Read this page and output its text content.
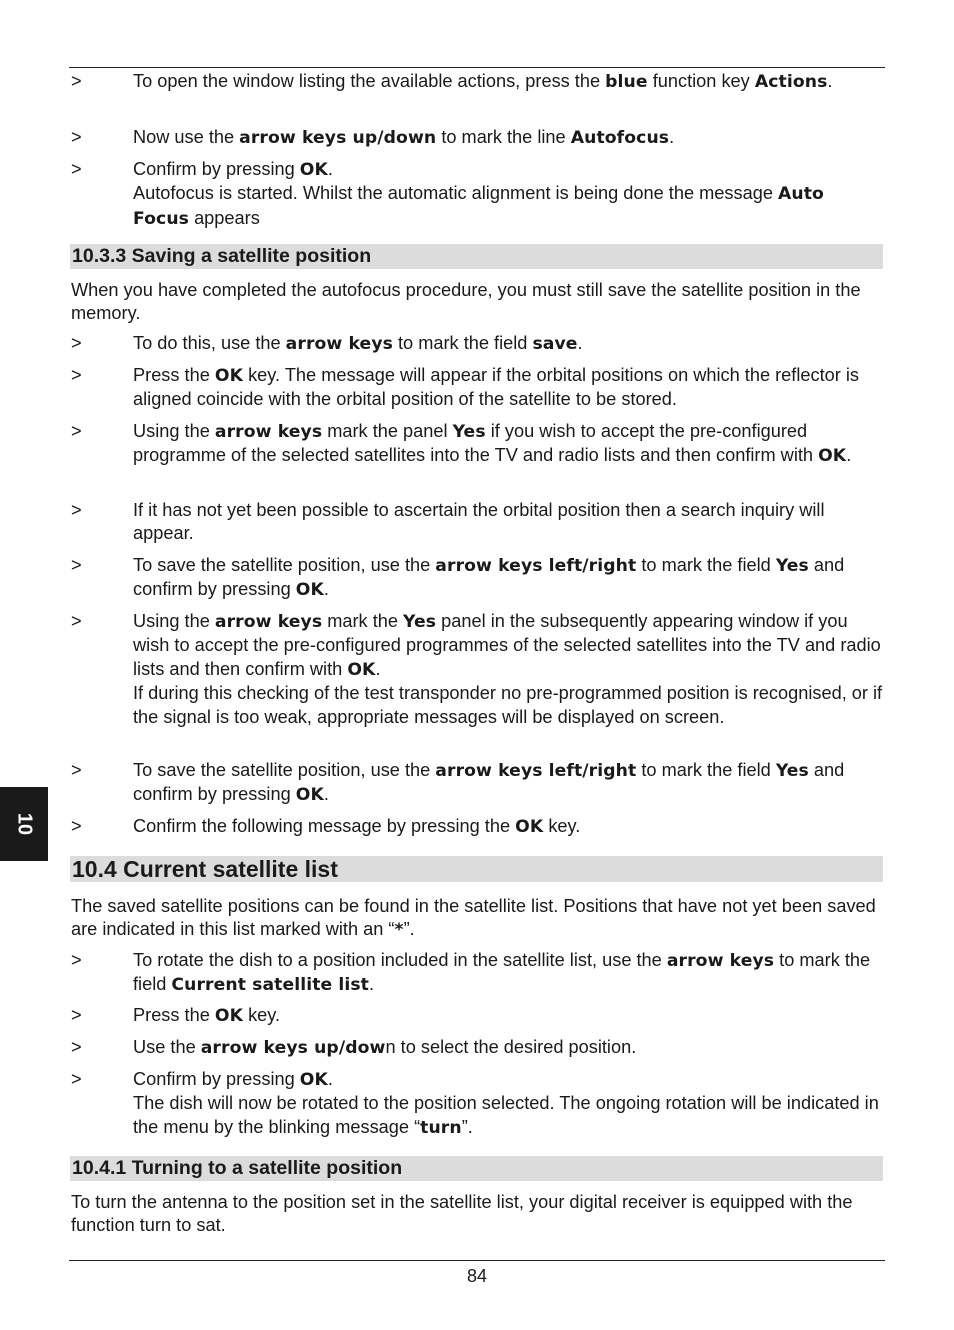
>	To open the window listing the available actions, press the blue function key Actions.
>	Now use the arrow keys up/down to mark the line Autofocus.
>	Confirm by pressing OK.
Autofocus is started. Whilst the automatic alignment is being done the message Auto Focus appears
10.3.3 Saving a satellite position
When you have completed the autofocus procedure, you must still save the satellite position in the memory.
>	To do this, use the arrow keys to mark the field save.
>	Press the OK key. The message will appear if the orbital positions on which the reflector is aligned coincide with the orbital position of the satellite to be stored.
>	Using the arrow keys mark the panel Yes if you wish to accept the pre-configured programme of the selected satellites into the TV and radio lists and then confirm with OK.
>	If it has not yet been possible to ascertain the orbital position then a search inquiry will appear.
>	To save the satellite position, use the arrow keys left/right to mark the field Yes and confirm by pressing OK.
>	Using the arrow keys mark the Yes panel in the subsequently appearing window if you wish to accept the pre-configured programmes of the selected satellites into the TV and radio lists and then confirm with OK.
If during this checking of the test transponder no pre-programmed position is recognised, or if the signal is too weak, appropriate messages will be displayed on screen.
>	To save the satellite position, use the arrow keys left/right to mark the field Yes and confirm by pressing OK.
>	Confirm the following message by pressing the OK key.
10.4 Current satellite list
The saved satellite positions can be found in the satellite list. Positions that have not yet been saved are indicated in this list marked with an “*”.
>	To rotate the dish to a position included in the satellite list, use the arrow keys to mark the field Current satellite list.
>	Press the OK key.
>	Use the arrow keys up/down to select the desired position.
>	Confirm by pressing OK.
The dish will now be rotated to the position selected. The ongoing rotation will be indicated in the menu by the blinking message “turn”.
10.4.1 Turning to a satellite position
To turn the antenna to the position set in the satellite list, your digital receiver is equipped with the function turn to sat.
10
84
